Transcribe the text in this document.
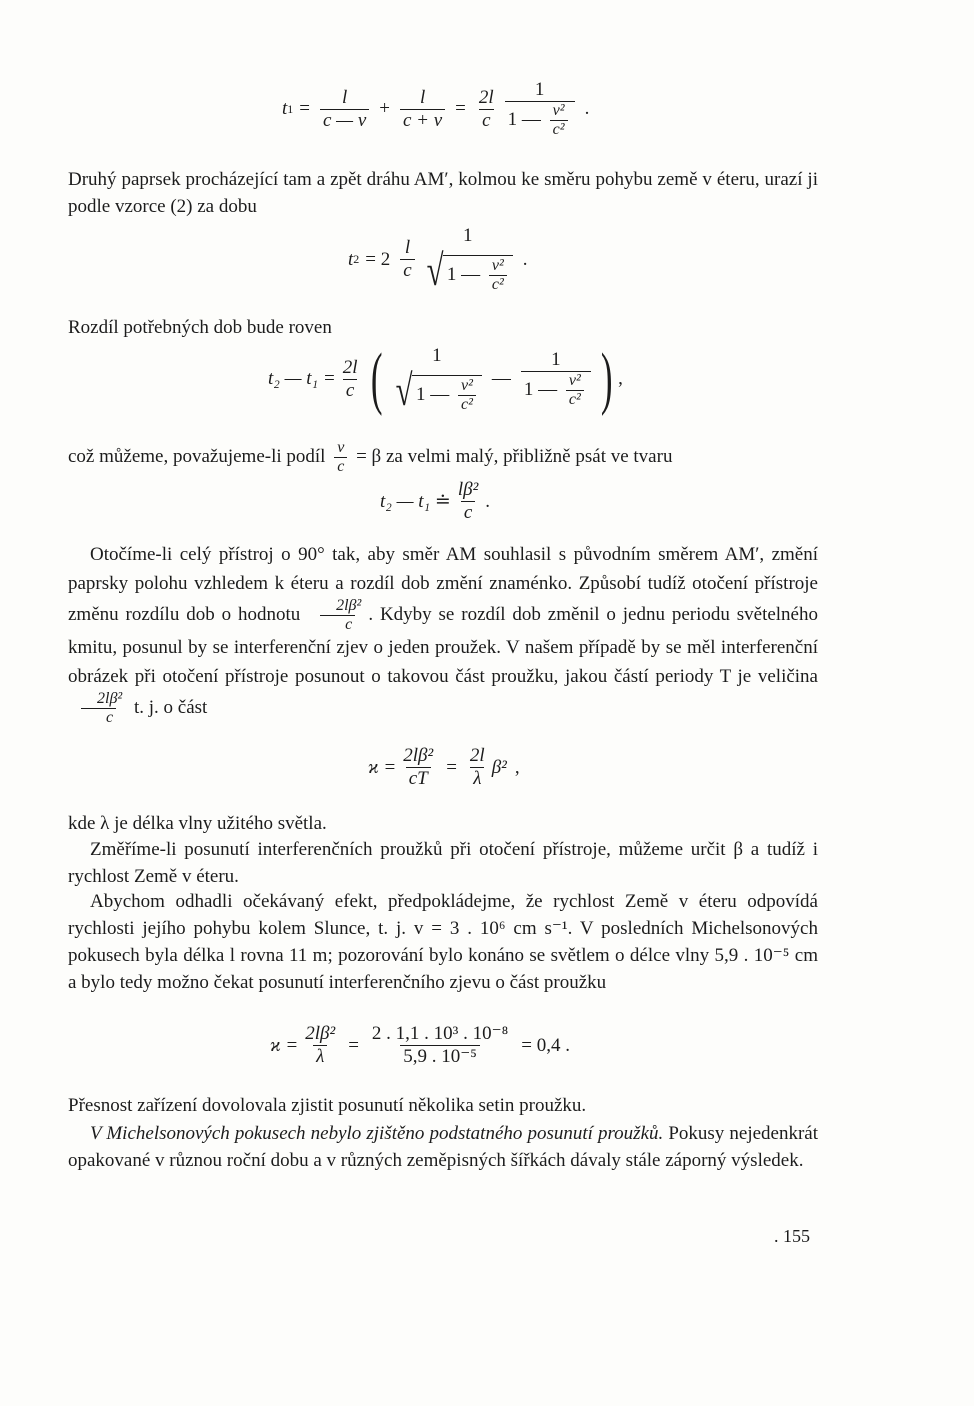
t $1 = \frac{l}{c — v} + \frac{l}{c + v} = \frac{2l}{c} \frac{1}{1 — \frac{\text{v²}}{\text{c²}}}$ .

Druhý paprsek procházející tam a zpět dráhu AM′, kolmou ke směru pohybu země v éteru, urazí ji podle vzorce (2) za dobu

t $2 = 2 \frac{l}{c}$
1
√ 1 — $\frac{\text{v²}}{\text{c²}}$ .

Rozdíl potřebných dob bude roven

t₂ — $t_1 = \frac{2l}{c}$ (	1
√ 1 — $\frac{\text{v²}}{\text{c²}}$ — $\frac{1}{1 — \frac{\text{v²}}{\text{c²}}}$ ) ,

což můžeme, považujeme-li podíl $\frac{v}{c} = \beta$ za velmi malý, přibližně psát ve tvaru

t₂ — t₁ ≐ $\frac{\text{lβ²}}{c}$ .

Otočíme-li celý přístroj o 90° tak, aby směr AM souhlasil s původním směrem AM′, změní paprsky polohu vzhledem k éteru a rozdíl dob změní znaménko. Způsobí tudíž otočení přístroje změnu rozdílu dob o hodnotu $\frac{\text{2lβ²}}{c}$ . Kdyby se rozdíl dob změnil o jednu periodu světelného kmitu, posunul by se interferenční zjev o jeden proužek. V našem případě by se měl interferenční obrázek při otočení přístroje posunout o takovou část proužku, jakou částí periody T je veličina
$\frac{\text{2lβ²}}{c} t$. j. o část

$ϰ = \frac{\text{2lβ²}}{cT} = \frac{2l}{\lambda} \beta^2$ ,

kde λ je délka vlny užitého světla.

Změříme-li posunutí interferenčních proužků při otočení přístroje, můžeme určit β a tudíž i rychlost Země v éteru.

Abychom odhadli očekávaný efekt, předpokládejme, že rychlost Země v éteru odpovídá rychlosti jejího pohybu kolem Slunce, t. j. v = 3 . 10⁶ cm s⁻¹. V posledních Michelsonových pokusech byla délka l rovna 11 m; pozorování bylo konáno se světlem o délce vlny 5,9 . 10⁻⁵ cm a bylo tedy možno čekat posunutí interferenčního zjevu o část proužku

$ϰ = \frac{\text{2lβ²}}{\lambda} = \frac{\text{2 . 1,1 . 10³ . 10⁻⁸}}{\text{5,9 . 10⁻⁵}} = 0,4$ .

Přesnost zařízení dovolovala zjistit posunutí několika setin proužku.

V Michelsonových pokusech nebylo zjištěno podstatného posunutí proužků. Pokusy nejedenkrát opakované v různou roční dobu a v různých zeměpisných šířkách dávaly stále záporný výsledek.

. 155
